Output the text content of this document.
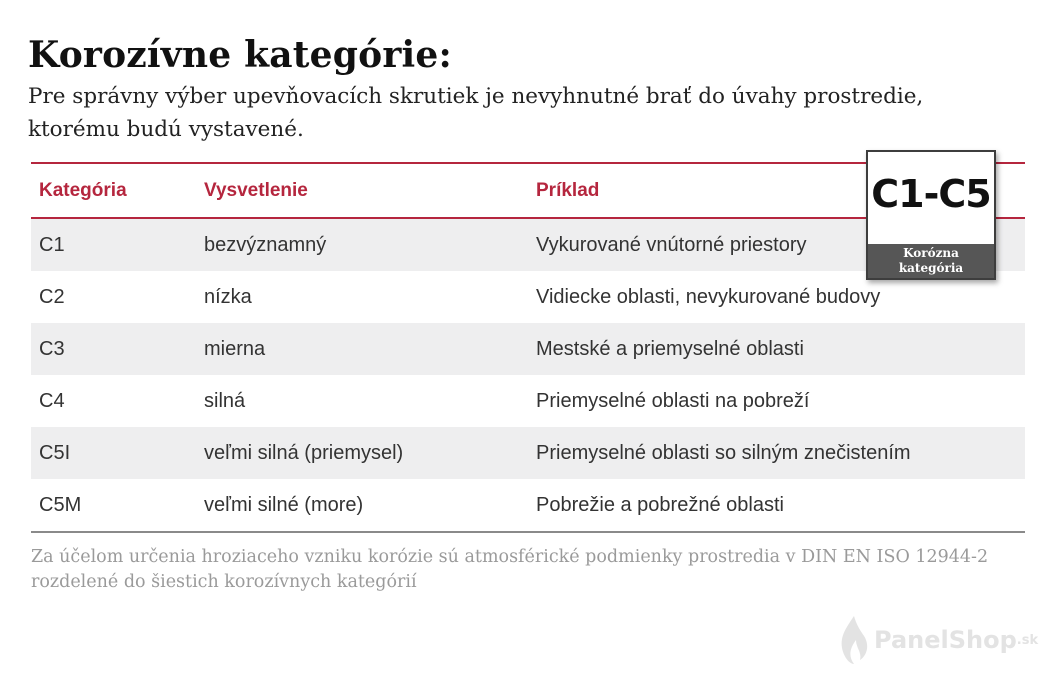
Korozívne kategórie:

Pre správny výber upevňovacích skrutiek je nevyhnutné brať do úvahy prostredie, ktorému budú vystavené.

Kategória	Vysvetlenie	Príklad
C1	bezvýznamný	Vykurované vnútorné priestory
C2	nízka	Vidiecke oblasti, nevykurované budovy
C3	mierna	Mestské a priemyselné oblasti
C4	silná	Priemyselné oblasti na pobreží
C5I	veľmi silná (priemysel)	Priemyselné oblasti so silným znečistením
C5M	veľmi silné (more)	Pobrežie a pobrežné oblasti
C1-C5
Korózna
kategória

Za účelom určenia hroziaceho vzniku korózie sú atmosférické podmienky prostredia v DIN EN ISO 12944-2 rozdelené do šiestich korozívnych kategórií

PanelShop .sk
